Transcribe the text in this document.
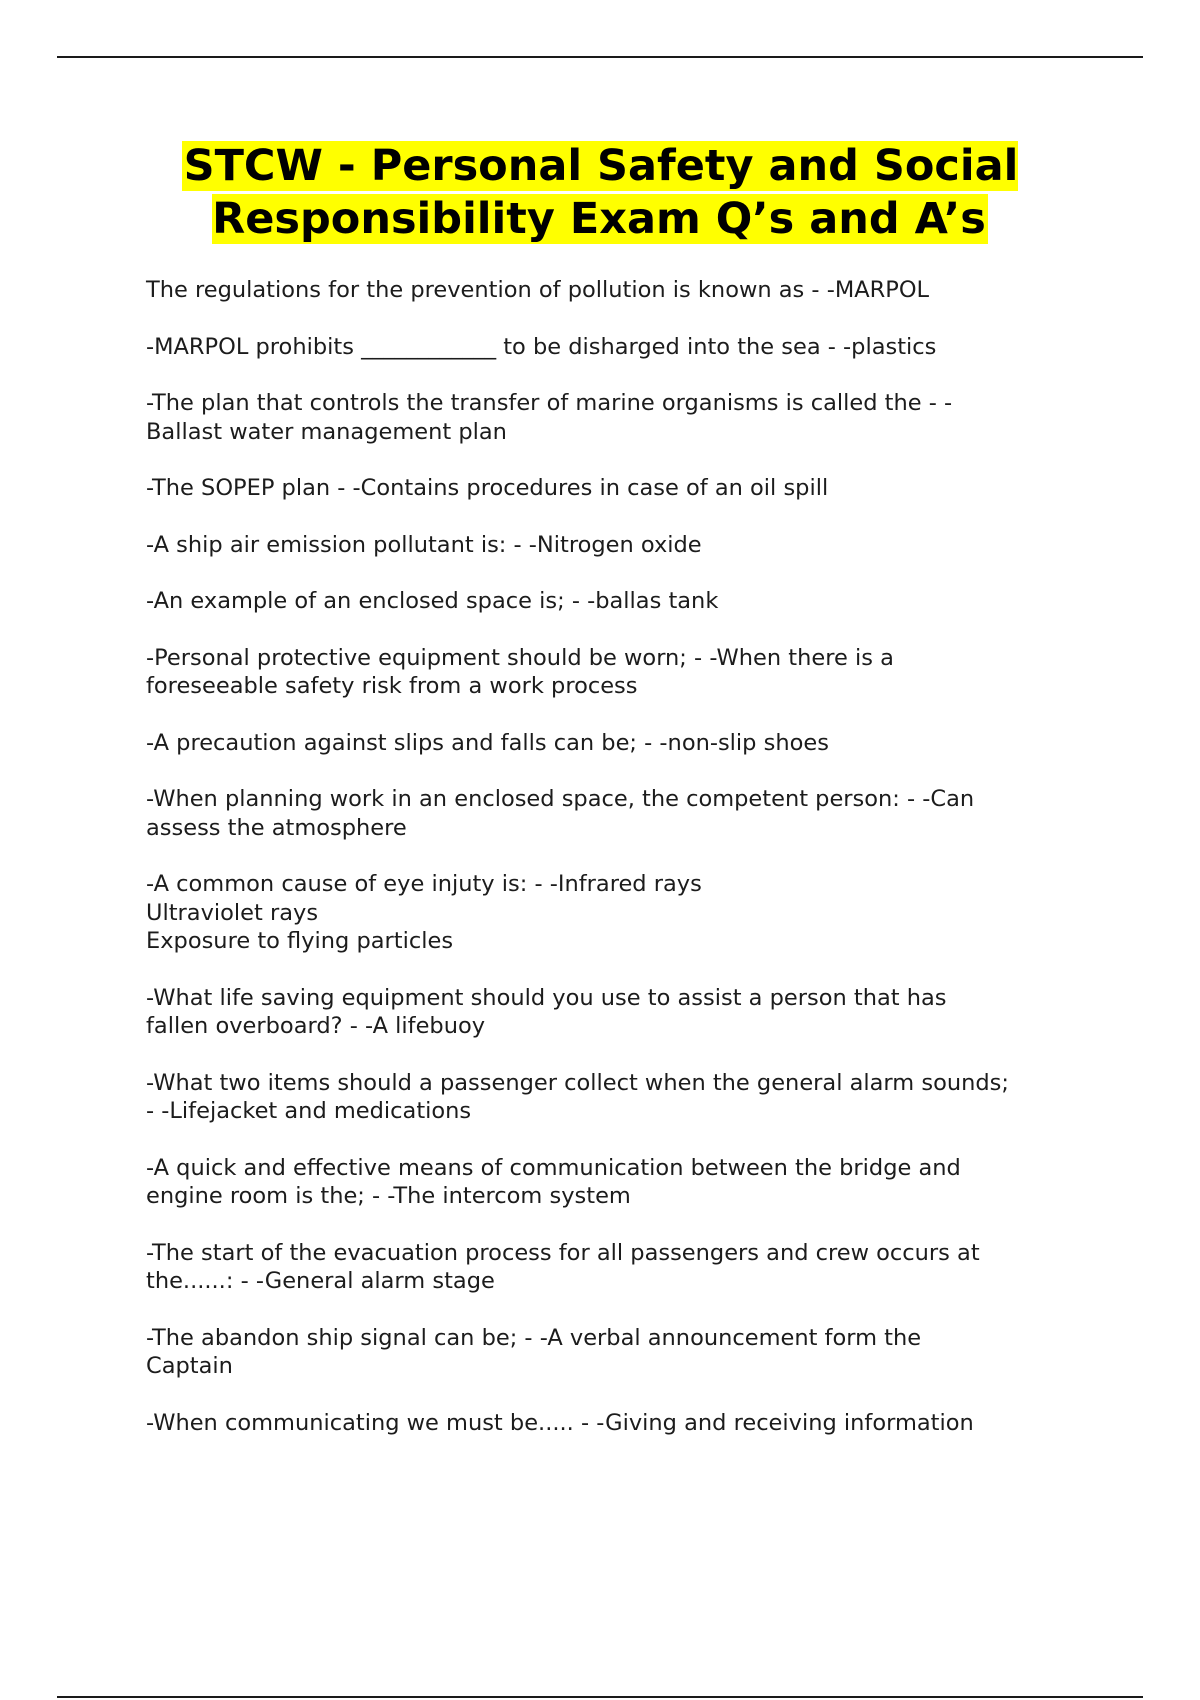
STCW - Personal Safety and Social Responsibility Exam Q’s and A’s
The regulations for the prevention of pollution is known as - -MARPOL
-MARPOL prohibits ____________ to be disharged into the sea - -plastics
-The plan that controls the transfer of marine organisms is called the - -
Ballast water management plan
-The SOPEP plan - -Contains procedures in case of an oil spill
-A ship air emission pollutant is: - -Nitrogen oxide
-An example of an enclosed space is; - -ballas tank
-Personal protective equipment should be worn; - -When there is a
foreseeable safety risk from a work process
-A precaution against slips and falls can be; - -non-slip shoes
-When planning work in an enclosed space, the competent person: - -Can
assess the atmosphere
-A common cause of eye injuty is: - -Infrared rays
Ultraviolet rays
Exposure to flying particles
-What life saving equipment should you use to assist a person that has
fallen overboard? - -A lifebuoy
-What two items should a passenger collect when the general alarm sounds;
- -Lifejacket and medications
-A quick and effective means of communication between the bridge and
engine room is the; - -The intercom system
-The start of the evacuation process for all passengers and crew occurs at
the......: - -General alarm stage
-The abandon ship signal can be; - -A verbal announcement form the
Captain
-When communicating we must be..... - -Giving and receiving information
